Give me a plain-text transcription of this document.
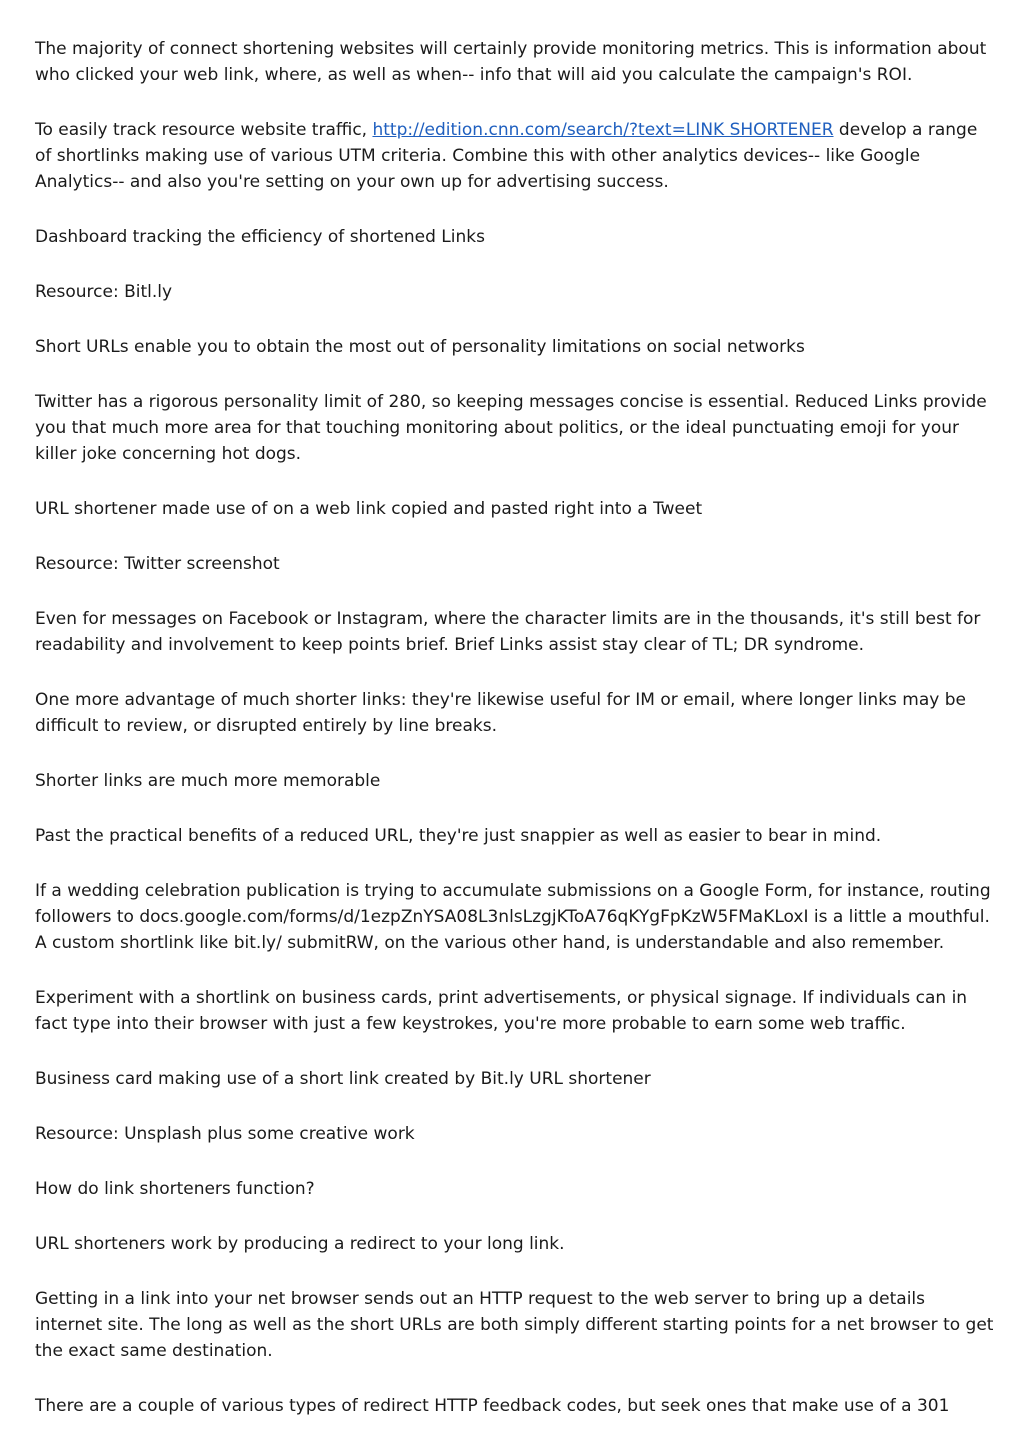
The majority of connect shortening websites will certainly provide monitoring metrics. This is information about who clicked your web link, where, as well as when-- info that will aid you calculate the campaign's ROI.

To easily track resource website traffic, http://edition.cnn.com/search/?text=LINK SHORTENER develop a range of shortlinks making use of various UTM criteria. Combine this with other analytics devices-- like Google Analytics-- and also you're setting on your own up for advertising success.

Dashboard tracking the efficiency of shortened Links

Resource: Bitl.ly

Short URLs enable you to obtain the most out of personality limitations on social networks

Twitter has a rigorous personality limit of 280, so keeping messages concise is essential. Reduced Links provide you that much more area for that touching monitoring about politics, or the ideal punctuating emoji for your killer joke concerning hot dogs.

URL shortener made use of on a web link copied and pasted right into a Tweet

Resource: Twitter screenshot

Even for messages on Facebook or Instagram, where the character limits are in the thousands, it's still best for readability and involvement to keep points brief. Brief Links assist stay clear of TL; DR syndrome.

One more advantage of much shorter links: they're likewise useful for IM or email, where longer links may be difficult to review, or disrupted entirely by line breaks.

Shorter links are much more memorable

Past the practical benefits of a reduced URL, they're just snappier as well as easier to bear in mind.

If a wedding celebration publication is trying to accumulate submissions on a Google Form, for instance, routing followers to docs.google.com/forms/d/1ezpZnYSA08L3nlsLzgjKToA76qKYgFpKzW5FMaKLoxI is a little a mouthful. A custom shortlink like bit.ly/ submitRW, on the various other hand, is understandable and also remember.

Experiment with a shortlink on business cards, print advertisements, or physical signage. If individuals can in fact type into their browser with just a few keystrokes, you're more probable to earn some web traffic.

Business card making use of a short link created by Bit.ly URL shortener

Resource: Unsplash plus some creative work

How do link shorteners function?

URL shorteners work by producing a redirect to your long link.

Getting in a link into your net browser sends out an HTTP request to the web server to bring up a details internet site. The long as well as the short URLs are both simply different starting points for a net browser to get the exact same destination.

There are a couple of various types of redirect HTTP feedback codes, but seek ones that make use of a 301
